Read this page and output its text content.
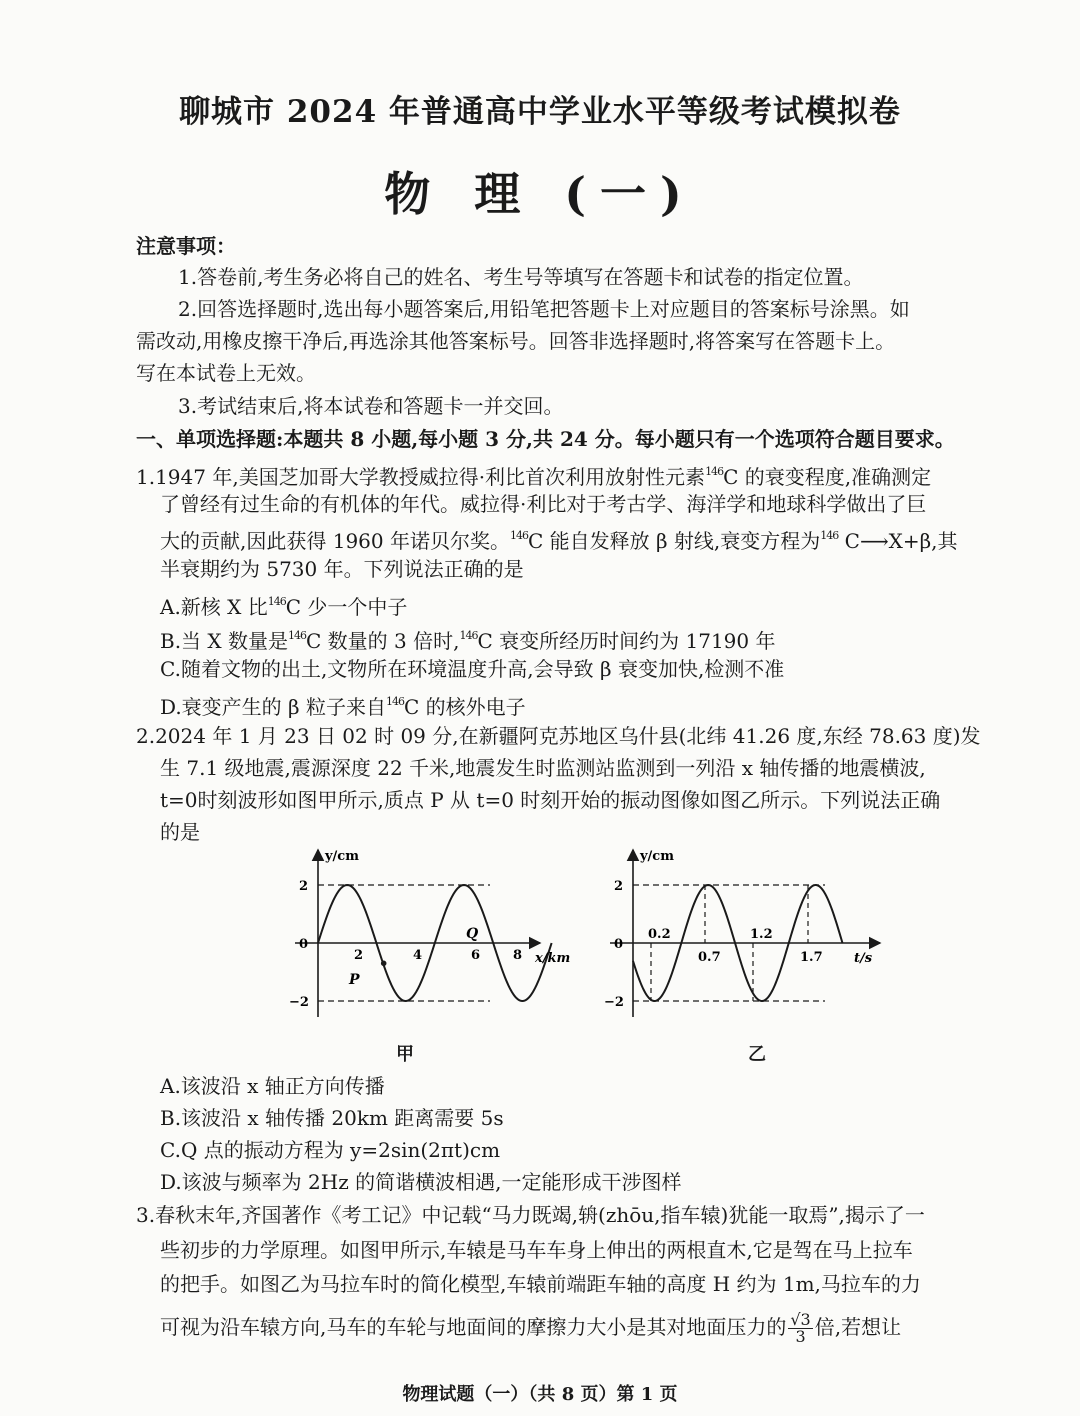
聊城市 2024 年普通高中学业水平等级考试模拟卷
物 理 (一)
注意事项：
1.答卷前,考生务必将自己的姓名、考生号等填写在答题卡和试卷的指定位置。
2.回答选择题时,选出每小题答案后,用铅笔把答题卡上对应题目的答案标号涂黑。如
需改动,用橡皮擦干净后,再选涂其他答案标号。回答非选择题时,将答案写在答题卡上。
写在本试卷上无效。
3.考试结束后,将本试卷和答题卡一并交回。
一、单项选择题:本题共 8 小题,每小题 3 分,共 24 分。每小题只有一个选项符合题目要求。
1.1947 年,美国芝加哥大学教授威拉得·利比首次利用放射性元素$^{146}$C 的衰变程度,准确测定
了曾经有过生命的有机体的年代。威拉得·利比对于考古学、海洋学和地球科学做出了巨
大的贡献,因此获得 1960 年诺贝尔奖。$^{146}$C 能自发释放 β 射线,衰变方程为$^{146}$ C⟶X+β,其
半衰期约为 5730 年。下列说法正确的是
A.新核 X 比$^{146}$C 少一个中子
B.当 X 数量是$^{146}$C 数量的 3 倍时,$^{146}$C 衰变所经历时间约为 17190 年
C.随着文物的出土,文物所在环境温度升高,会导致 β 衰变加快,检测不准
D.衰变产生的 β 粒子来自$^{146}$C 的核外电子
2.2024 年 1 月 23 日 02 时 09 分,在新疆阿克苏地区乌什县(北纬 41.26 度,东经 78.63 度)发
生 7.1 级地震,震源深度 22 千米,地震发生时监测站监测到一列沿 x 轴传播的地震横波,
t=0时刻波形如图甲所示,质点 P 从 t=0 时刻开始的振动图像如图乙所示。下列说法正确
的是
y/cm
x/km
2
0
−2
2	4	6	8
P
Q
甲
y/cm
t/s
2
0
−2
0.2	1.2
0.7	1.7
乙
A.该波沿 x 轴正方向传播
B.该波沿 x 轴传播 20km 距离需要 5s
C.Q 点的振动方程为 y=2sin(2πt)cm
D.该波与频率为 2Hz 的简谐横波相遇,一定能形成干涉图样
3.春秋末年,齐国著作《考工记》中记载“马力既竭,辀(zhōu,指车辕)犹能一取焉”,揭示了一
些初步的力学原理。如图甲所示,车辕是马车车身上伸出的两根直木,它是驾在马上拉车
的把手。如图乙为马拉车时的简化模型,车辕前端距车轴的高度 H 约为 1m,马拉车的力
可视为沿车辕方向,马车的车轮与地面间的摩擦力大小是其对地面压力的 $\frac{√3}{3}$ 倍,若想让
物理试题（一）（共 8 页）第 1 页
